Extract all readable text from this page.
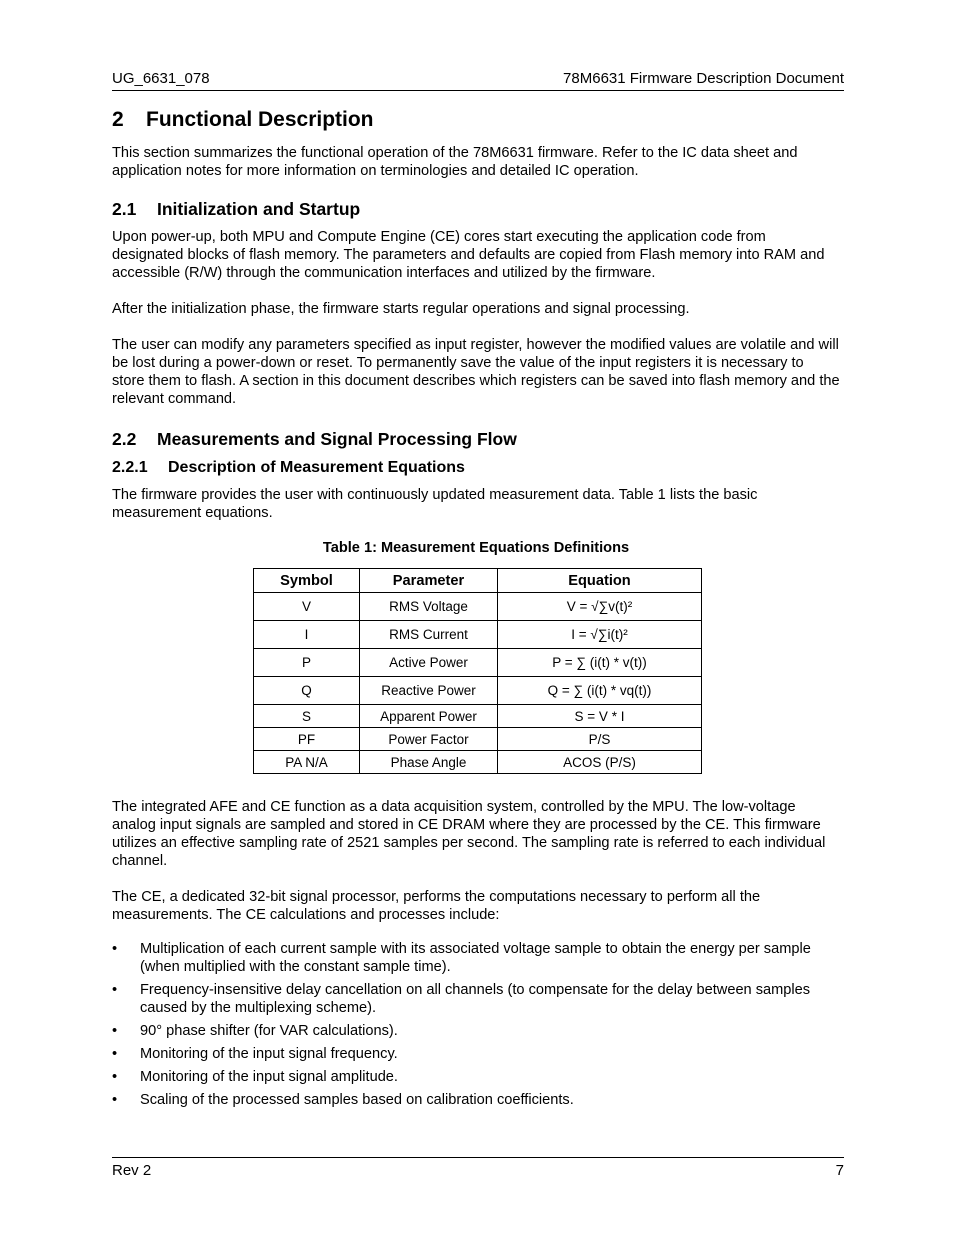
UG_6631_078	78M6631 Firmware Description Document
2 Functional Description

This section summarizes the functional operation of the 78M6631 firmware. Refer to the IC data sheet and application notes for more information on terminologies and detailed IC operation.

2.1 Initialization and Startup

Upon power-up, both MPU and Compute Engine (CE) cores start executing the application code from designated blocks of flash memory. The parameters and defaults are copied from Flash memory into RAM and accessible (R/W) through the communication interfaces and utilized by the firmware.

After the initialization phase, the firmware starts regular operations and signal processing.

The user can modify any parameters specified as input register, however the modified values are volatile and will be lost during a power-down or reset. To permanently save the value of the input registers it is necessary to store them to flash. A section in this document describes which registers can be saved into flash memory and the relevant command.

2.2 Measurements and Signal Processing Flow
2.2.1 Description of Measurement Equations

The firmware provides the user with continuously updated measurement data. Table 1 lists the basic measurement equations.

Table 1: Measurement Equations Definitions
Symbol	Parameter	Equation
V	RMS Voltage	V = √∑v(t)²
I	RMS Current	I = √∑i(t)²
P	Active Power	P = ∑ (i(t) * v(t))
Q	Reactive Power	Q = ∑ (i(t) * vq(t))
S	Apparent Power	S = V * I
PF	Power Factor	P/S
PA N/A	Phase Angle	ACOS (P/S)

The integrated AFE and CE function as a data acquisition system, controlled by the MPU. The low-voltage analog input signals are sampled and stored in CE DRAM where they are processed by the CE. This firmware utilizes an effective sampling rate of 2521 samples per second. The sampling rate is referred to each individual channel.

The CE, a dedicated 32-bit signal processor, performs the computations necessary to perform all the measurements. The CE calculations and processes include:

• Multiplication of each current sample with its associated voltage sample to obtain the energy per sample (when multiplied with the constant sample time).
• Frequency-insensitive delay cancellation on all channels (to compensate for the delay between samples caused by the multiplexing scheme).
• 90° phase shifter (for VAR calculations).
• Monitoring of the input signal frequency.
• Monitoring of the input signal amplitude.
• Scaling of the processed samples based on calibration coefficients.
Rev 2	7
